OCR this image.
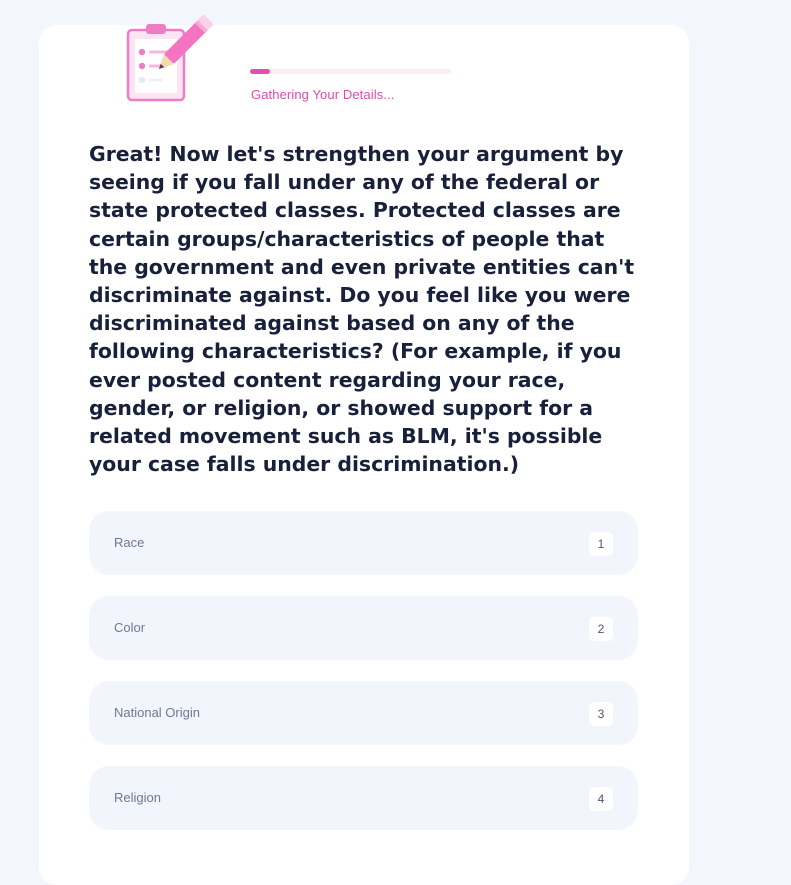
Gathering Your Details...

Great! Now let's strengthen your argument by seeing if you fall under any of the federal or state protected classes. Protected classes are certain groups/characteristics of people that the government and even private entities can't discriminate against. Do you feel like you were discriminated against based on any of the following characteristics? (For example, if you ever posted content regarding your race, gender, or religion, or showed support for a related movement such as BLM, it's possible your case falls under discrimination.)

Race	1
Color	2
National Origin	3
Religion	4
